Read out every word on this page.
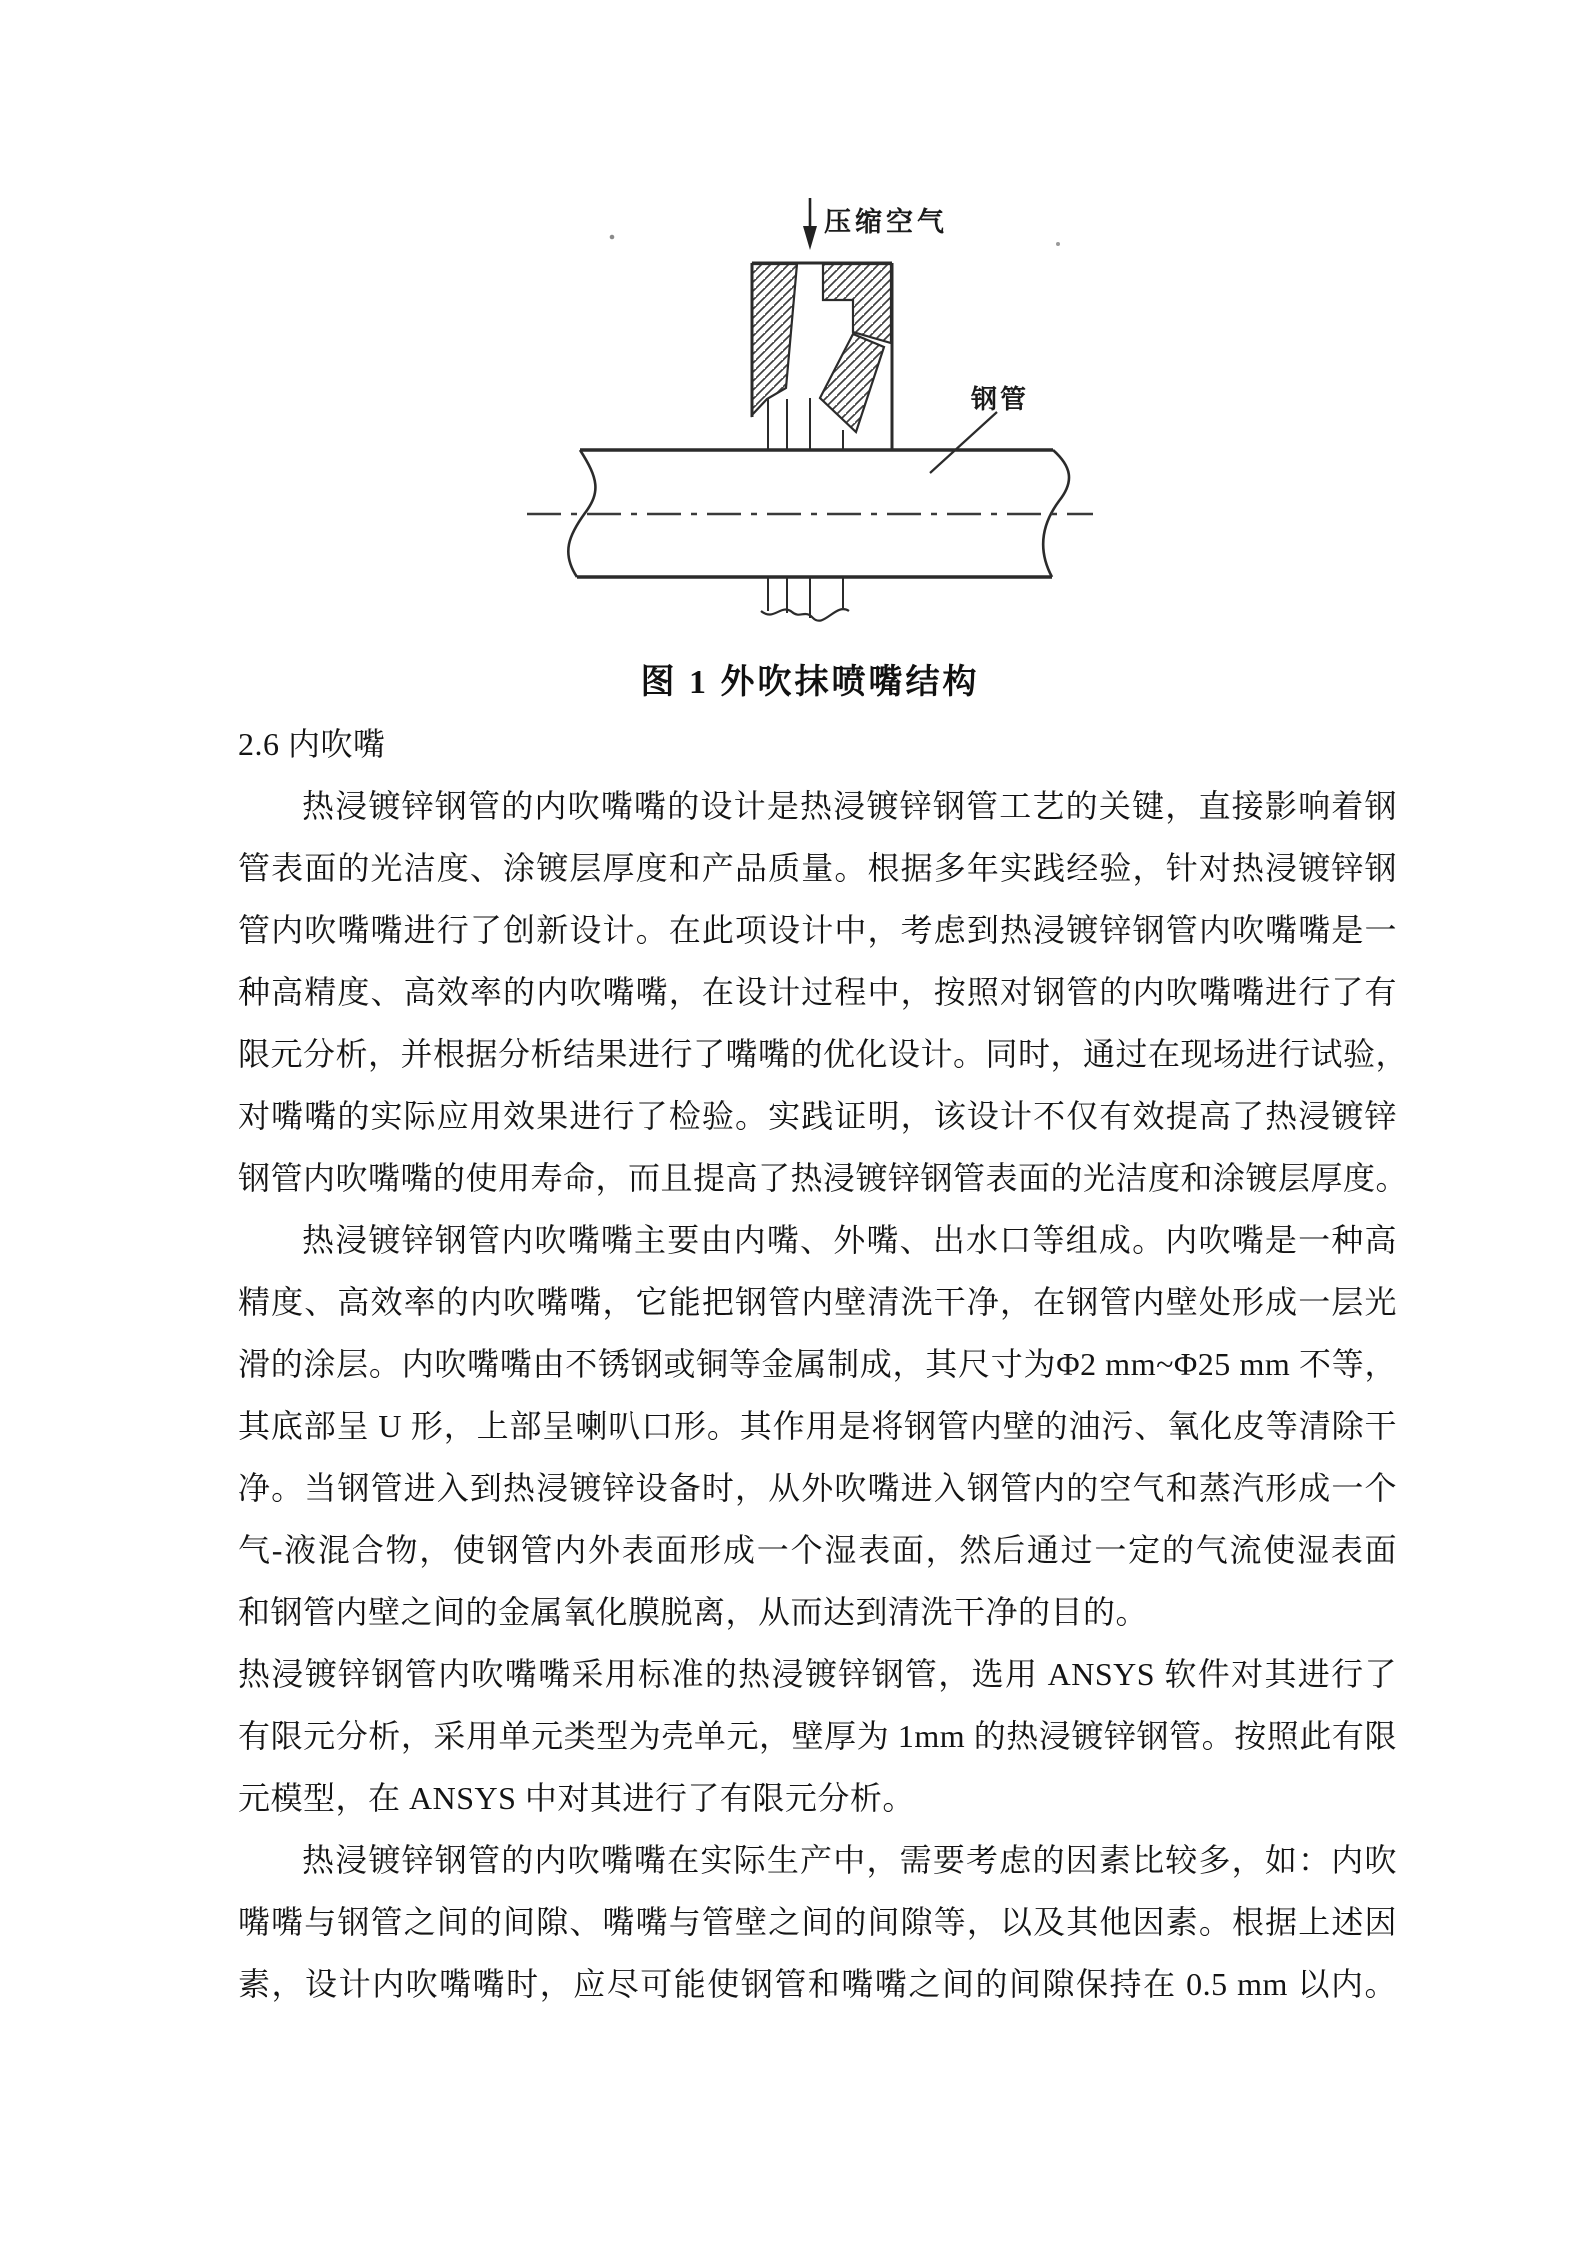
压缩空气
钢管
图 1 外吹抹喷嘴结构
2.6 内吹嘴
热浸镀锌钢管的内吹嘴嘴的设计是热浸镀锌钢管工艺的关键，直接影响着钢
管表面的光洁度、涂镀层厚度和产品质量。根据多年实践经验，针对热浸镀锌钢
管内吹嘴嘴进行了创新设计。在此项设计中，考虑到热浸镀锌钢管内吹嘴嘴是一
种高精度、高效率的内吹嘴嘴，在设计过程中，按照对钢管的内吹嘴嘴进行了有
限元分析，并根据分析结果进行了嘴嘴的优化设计。同时，通过在现场进行试验，
对嘴嘴的实际应用效果进行了检验。实践证明，该设计不仅有效提高了热浸镀锌
钢管内吹嘴嘴的使用寿命，而且提高了热浸镀锌钢管表面的光洁度和涂镀层厚度。
热浸镀锌钢管内吹嘴嘴主要由内嘴、外嘴、出水口等组成。内吹嘴是一种高
精度、高效率的内吹嘴嘴，它能把钢管内壁清洗干净，在钢管内壁处形成一层光
滑的涂层。内吹嘴嘴由不锈钢或铜等金属制成，其尺寸为Φ2 mm~Φ25 mm 不等，
其底部呈 U 形，上部呈喇叭口形。其作用是将钢管内壁的油污、氧化皮等清除干
净。当钢管进入到热浸镀锌设备时，从外吹嘴进入钢管内的空气和蒸汽形成一个
气-液混合物，使钢管内外表面形成一个湿表面，然后通过一定的气流使湿表面
和钢管内壁之间的金属氧化膜脱离，从而达到清洗干净的目的。
热浸镀锌钢管内吹嘴嘴采用标准的热浸镀锌钢管，选用 ANSYS 软件对其进行了
有限元分析，采用单元类型为壳单元，壁厚为 1mm 的热浸镀锌钢管。按照此有限
元模型，在 ANSYS 中对其进行了有限元分析。
热浸镀锌钢管的内吹嘴嘴在实际生产中，需要考虑的因素比较多，如：内吹
嘴嘴与钢管之间的间隙、嘴嘴与管壁之间的间隙等，以及其他因素。根据上述因
素，设计内吹嘴嘴时，应尽可能使钢管和嘴嘴之间的间隙保持在 0.5 mm 以内。
